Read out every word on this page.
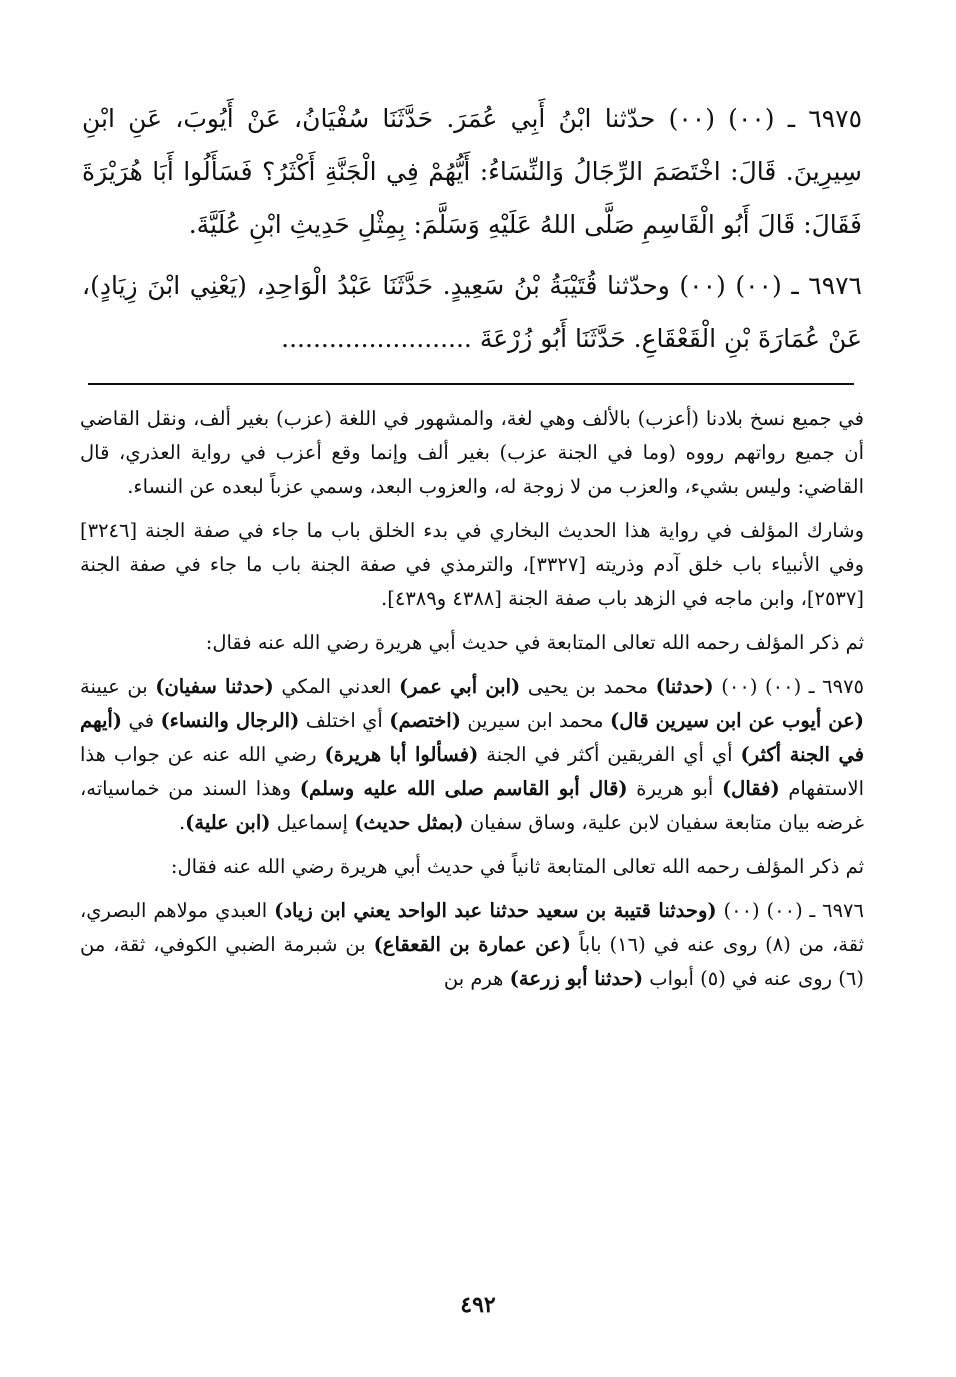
٦٩٧٥ ـ (٠٠) (٠٠) حدّثنا ابْنُ أَبِي عُمَرَ. حَدَّثَنَا سُفْيَانُ، عَنْ أَيُوبَ، عَنِ ابْنِ سِيرِينَ. قَالَ: اخْتَصَمَ الرِّجَالُ وَالنِّسَاءُ: أَيُّهُمْ فِي الْجَنَّةِ أَكْثَرُ؟ فَسَأَلُوا أَبَا هُرَيْرَةَ فَقَالَ: قَالَ أَبُو الْقَاسِمِ صَلَّى اللهُ عَلَيْهِ وَسَلَّمَ: بِمِثْلِ حَدِيثِ ابْنِ عُلَيَّةَ.

٦٩٧٦ ـ (٠٠) (٠٠) وحدّثنا قُتَيْبَةُ بْنُ سَعِيدٍ. حَدَّثَنَا عَبْدُ الْوَاحِدِ، (يَعْنِي ابْنَ زِيَادٍ)، عَنْ عُمَارَةَ بْنِ الْقَعْقَاعِ. حَدَّثَنَا أَبُو زُرْعَةَ ........................

في جميع نسخ بلادنا (أعزب) بالألف وهي لغة، والمشهور في اللغة (عزب) بغير ألف، ونقل القاضي أن جميع رواتهم رووه (وما في الجنة عزب) بغير ألف وإنما وقع أعزب في رواية العذري، قال القاضي: وليس بشيء، والعزب من لا زوجة له، والعزوب البعد، وسمي عزباً لبعده عن النساء.

وشارك المؤلف في رواية هذا الحديث البخاري في بدء الخلق باب ما جاء في صفة الجنة [٣٢٤٦] وفي الأنبياء باب خلق آدم وذريته [٣٣٢٧]، والترمذي في صفة الجنة باب ما جاء في صفة الجنة [٢٥٣٧]، وابن ماجه في الزهد باب صفة الجنة [٤٣٨٨ و٤٣٨٩].

ثم ذكر المؤلف رحمه الله تعالى المتابعة في حديث أبي هريرة رضي الله عنه فقال:

٦٩٧٥ ـ (٠٠) (٠٠) (حدثنا) محمد بن يحيى (ابن أبي عمر) العدني المكي (حدثنا سفيان) بن عيينة (عن أيوب عن ابن سيرين قال) محمد ابن سيرين (اختصم) أي اختلف (الرجال والنساء) في (أيهم في الجنة أكثر) أي أي الفريقين أكثر في الجنة (فسألوا أبا هريرة) رضي الله عنه عن جواب هذا الاستفهام (فقال) أبو هريرة (قال أبو القاسم صلى الله عليه وسلم) وهذا السند من خماسياته، غرضه بيان متابعة سفيان لابن علية، وساق سفيان (بمثل حديث) إسماعيل (ابن علية).

ثم ذكر المؤلف رحمه الله تعالى المتابعة ثانياً في حديث أبي هريرة رضي الله عنه فقال:

٦٩٧٦ ـ (٠٠) (٠٠) (وحدثنا قتيبة بن سعيد حدثنا عبد الواحد يعني ابن زياد) العبدي مولاهم البصري، ثقة، من (٨) روى عنه في (١٦) باباً (عن عمارة بن القعقاع) بن شبرمة الضبي الكوفي، ثقة، من (٦) روى عنه في (٥) أبواب (حدثنا أبو زرعة) هرم بن

٤٩٢
